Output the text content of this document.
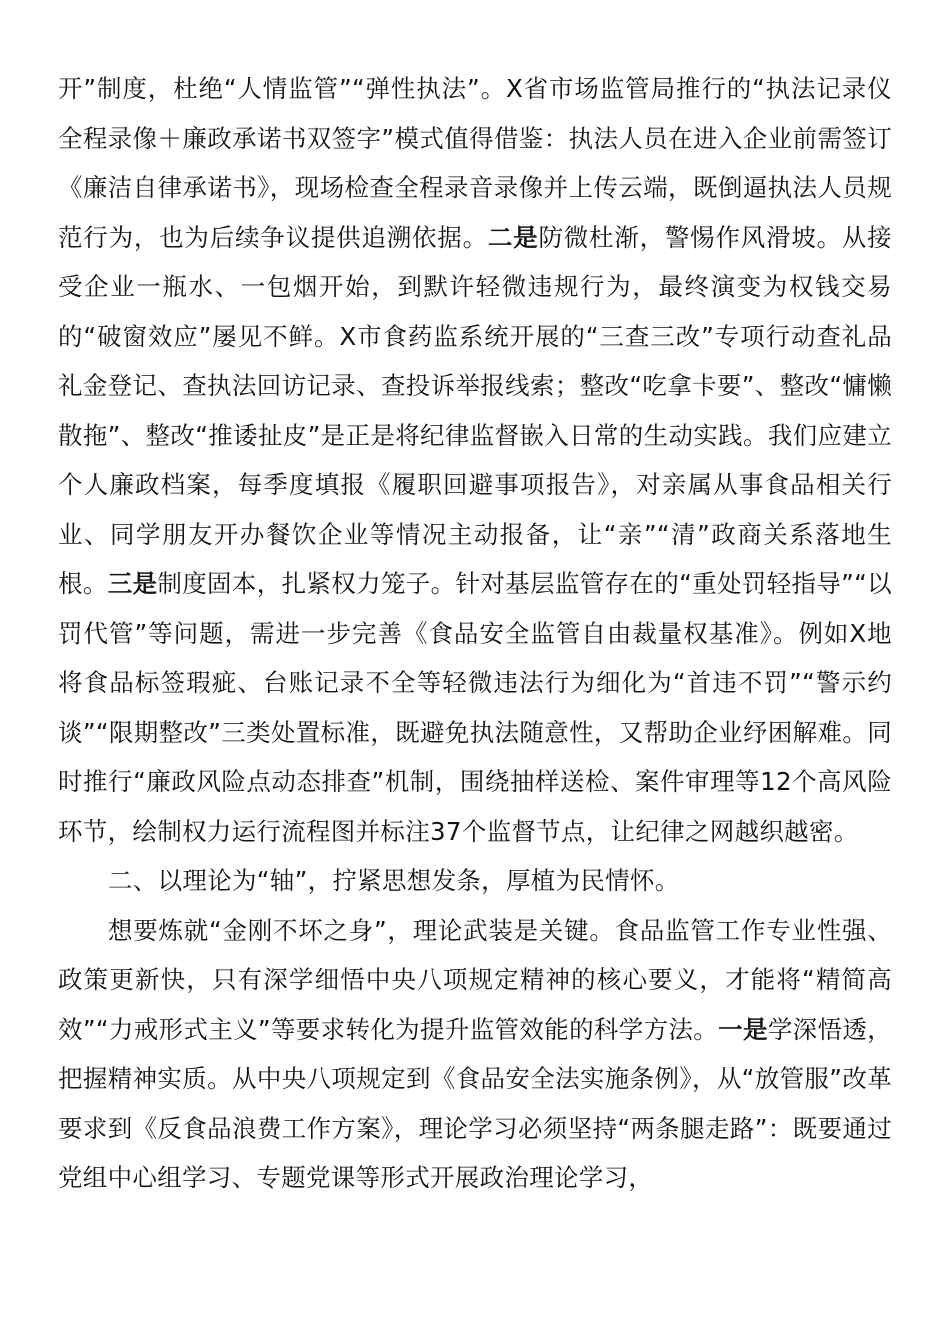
开”制度，杜绝“人情监管”“弹性执法”。X省市场监管局推行的“执法记录仪全程录像＋廉政承诺书双签字”模式值得借鉴：执法人员在进入企业前需签订《廉洁自律承诺书》，现场检查全程录音录像并上传云端，既倒逼执法人员规范行为，也为后续争议提供追溯依据。二是防微杜渐，警惕作风滑坡。从接受企业一瓶水、一包烟开始，到默许轻微违规行为，最终演变为权钱交易的“破窗效应”屡见不鲜。X市食药监系统开展的“三查三改”专项行动查礼品礼金登记、查执法回访记录、查投诉举报线索；整改“吃拿卡要”、整改“慵懒散拖”、整改“推诿扯皮”是正是将纪律监督嵌入日常的生动实践。我们应建立个人廉政档案，每季度填报《履职回避事项报告》，对亲属从事食品相关行业、同学朋友开办餐饮企业等情况主动报备，让“亲”“清”政商关系落地生根。三是制度固本，扎紧权力笼子。针对基层监管存在的“重处罚轻指导”“以罚代管”等问题，需进一步完善《食品安全监管自由裁量权基准》。例如X地将食品标签瑕疵、台账记录不全等轻微违法行为细化为“首违不罚”“警示约谈”“限期整改”三类处置标准，既避免执法随意性，又帮助企业纾困解难。同时推行“廉政风险点动态排查”机制，围绕抽样送检、案件审理等12个高风险环节，绘制权力运行流程图并标注37个监督节点，让纪律之网越织越密。

二、以理论为“轴”，拧紧思想发条，厚植为民情怀。

想要炼就“金刚不坏之身”，理论武装是关键。食品监管工作专业性强、政策更新快，只有深学细悟中央八项规定精神的核心要义，才能将“精简高效”“力戒形式主义”等要求转化为提升监管效能的科学方法。一是学深悟透，把握精神实质。从中央八项规定到《食品安全法实施条例》，从“放管服”改革要求到《反食品浪费工作方案》，理论学习必须坚持“两条腿走路”：既要通过党组中心组学习、专题党课等形式开展政治理论学习，
